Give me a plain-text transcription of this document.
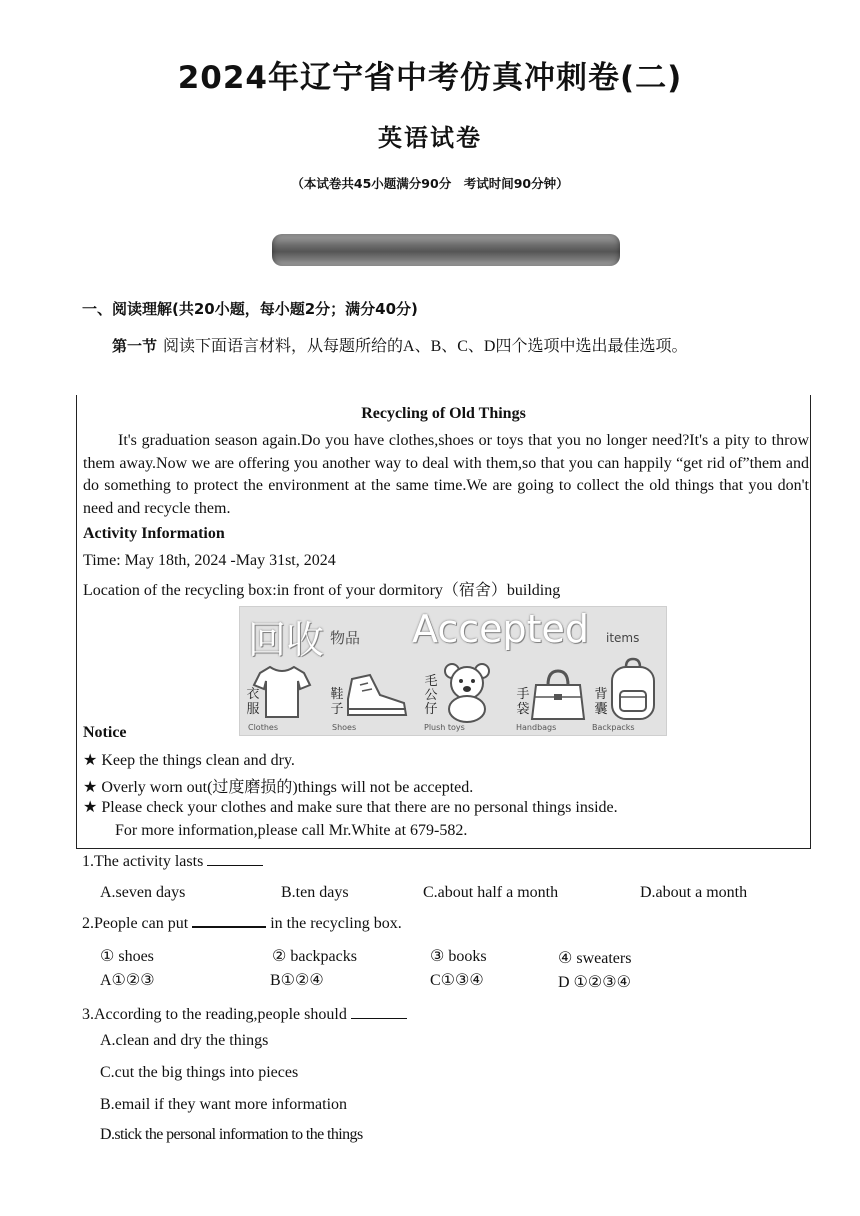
2024年辽宁省中考仿真冲刺卷(二)
英语试卷
（本试卷共45小题满分90分　考试时间90分钟）
一、阅读理解(共20小题，每小题2分；满分40分)
第一节 阅读下面语言材料，从每题所给的A、B、C、D四个选项中选出最佳选项。
Recycling of Old Things
It's graduation season again.Do you have clothes,shoes or toys that you no longer need?It's a pity to throw them away.Now we are offering you another way to deal with them,so that you can happily “get rid of”them and do something to protect the environment at the same time.We are going to collect the old things that you don't need and recycle them.
Activity Information
Time: May 18th, 2024 -May 31st, 2024
Location of the recycling box:in front of your dormitory（宿舍）building
回收 物品 Accepted items
衣服
Clothes
鞋子
Shoes
毛公仔
Plush toys
手袋
Handbags
背囊
Backpacks
Notice
★ Keep the things clean and dry.
★ Overly worn out(过度磨损的)things will not be accepted.
★ Please check your clothes and make sure that there are no personal things inside.
For more information,please call Mr.White at 679-582.
1.The activity lasts
A.seven days	B.ten days	C.about half a month	D.about a month
2.People can put	in the recycling box.
① shoes	② backpacks	③ books	④ sweaters
A①②③	B①②④	C①③④	D ①②③④
3.According to the reading,people should
A.clean and dry the things
C.cut the big things into pieces
B.email if they want more information
D.stick the personal information to the things
